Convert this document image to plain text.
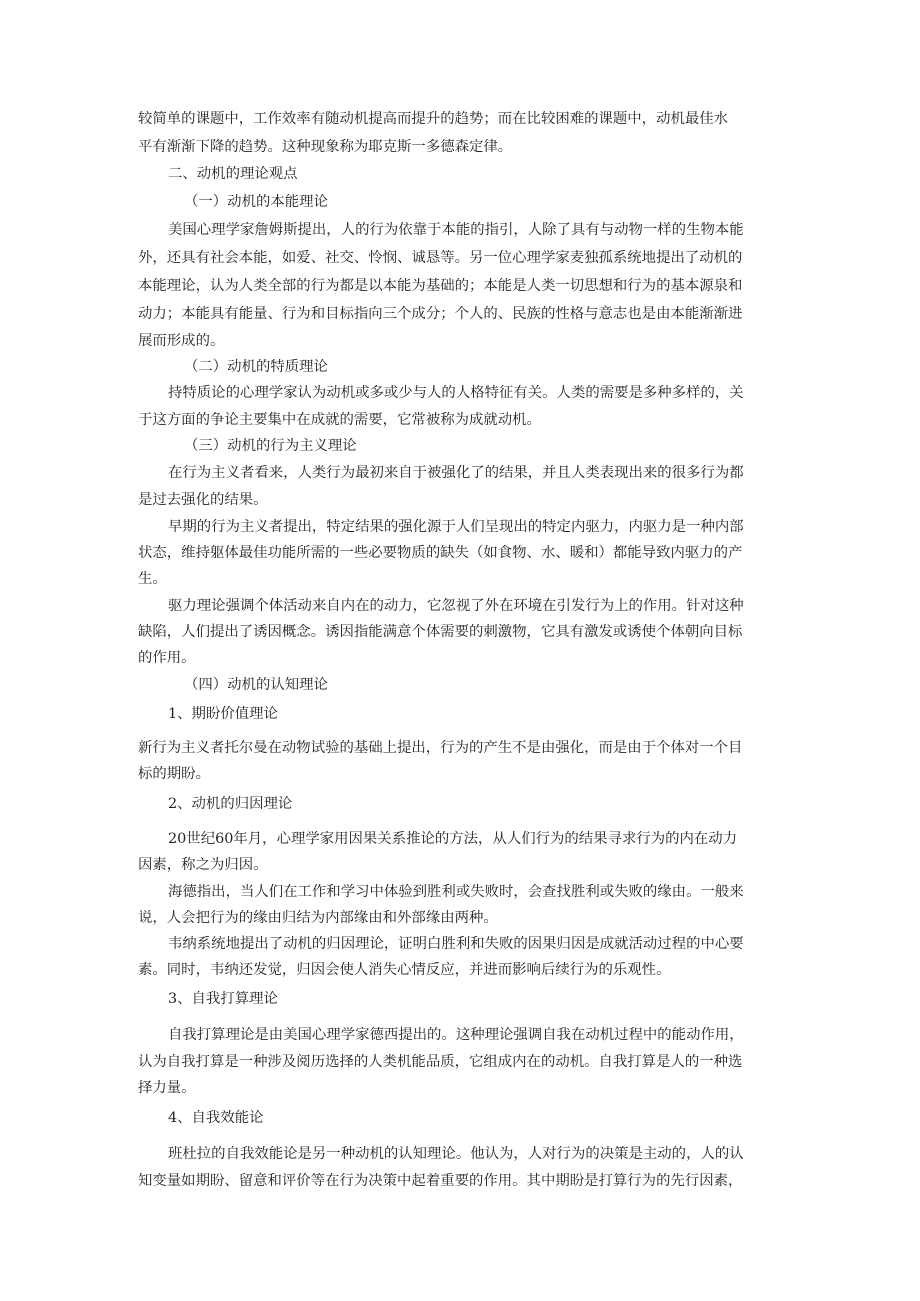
较简单的课题中，工作效率有随动机提高而提升的趋势；而在比较困难的课题中，动机最佳水

平有渐渐下降的趋势。这种现象称为耶克斯一多德森定律。

二、动机的理论观点

（一）动机的本能理论

美国心理学家詹姆斯提出，人的行为依靠于本能的指引，人除了具有与动物一样的生物本能

外，还具有社会本能，如爱、社交、怜悯、诚恳等。另一位心理学家麦独孤系统地提出了动机的

本能理论，认为人类全部的行为都是以本能为基础的；本能是人类一切思想和行为的基本源泉和

动力；本能具有能量、行为和目标指向三个成分；个人的、民族的性格与意志也是由本能渐渐进

展而形成的。

（二）动机的特质理论

持特质论的心理学家认为动机或多或少与人的人格特征有关。人类的需要是多种多样的，关

于这方面的争论主要集中在成就的需要，它常被称为成就动机。

（三）动机的行为主义理论

在行为主义者看来，人类行为最初来自于被强化了的结果，并且人类表现出来的很多行为都

是过去强化的结果。

早期的行为主义者提出，特定结果的强化源于人们呈现出的特定内驱力，内驱力是一种内部

状态，维持躯体最佳功能所需的一些必要物质的缺失（如食物、水、暖和）都能导致内驱力的产

生。

驱力理论强调个体活动来自内在的动力，它忽视了外在环境在引发行为上的作用。针对这种

缺陷，人们提出了诱因概念。诱因指能满意个体需要的刺激物，它具有激发或诱使个体朝向目标

的作用。

（四）动机的认知理论

1、期盼价值理论

新行为主义者托尔曼在动物试验的基础上提出，行为的产生不是由强化，而是由于个体对一个目

标的期盼。

2、动机的归因理论

20世纪60年月，心理学家用因果关系推论的方法，从人们行为的结果寻求行为的内在动力

因素，称之为归因。

海德指出，当人们在工作和学习中体验到胜利或失败时，会查找胜利或失败的缘由。一般来

说，人会把行为的缘由归结为内部缘由和外部缘由两种。

韦纳系统地提出了动机的归因理论，证明白胜利和失败的因果归因是成就活动过程的中心要

素。同时，韦纳还发觉，归因会使人消失心情反应，并进而影响后续行为的乐观性。

3、自我打算理论

自我打算理论是由美国心理学家德西提出的。这种理论强调自我在动机过程中的能动作用，

认为自我打算是一种涉及阅历选择的人类机能品质，它组成内在的动机。自我打算是人的一种选

择力量。

4、自我效能论

班杜拉的自我效能论是另一种动机的认知理论。他认为，人对行为的决策是主动的，人的认

知变量如期盼、留意和评价等在行为决策中起着重要的作用。其中期盼是打算行为的先行因素，
